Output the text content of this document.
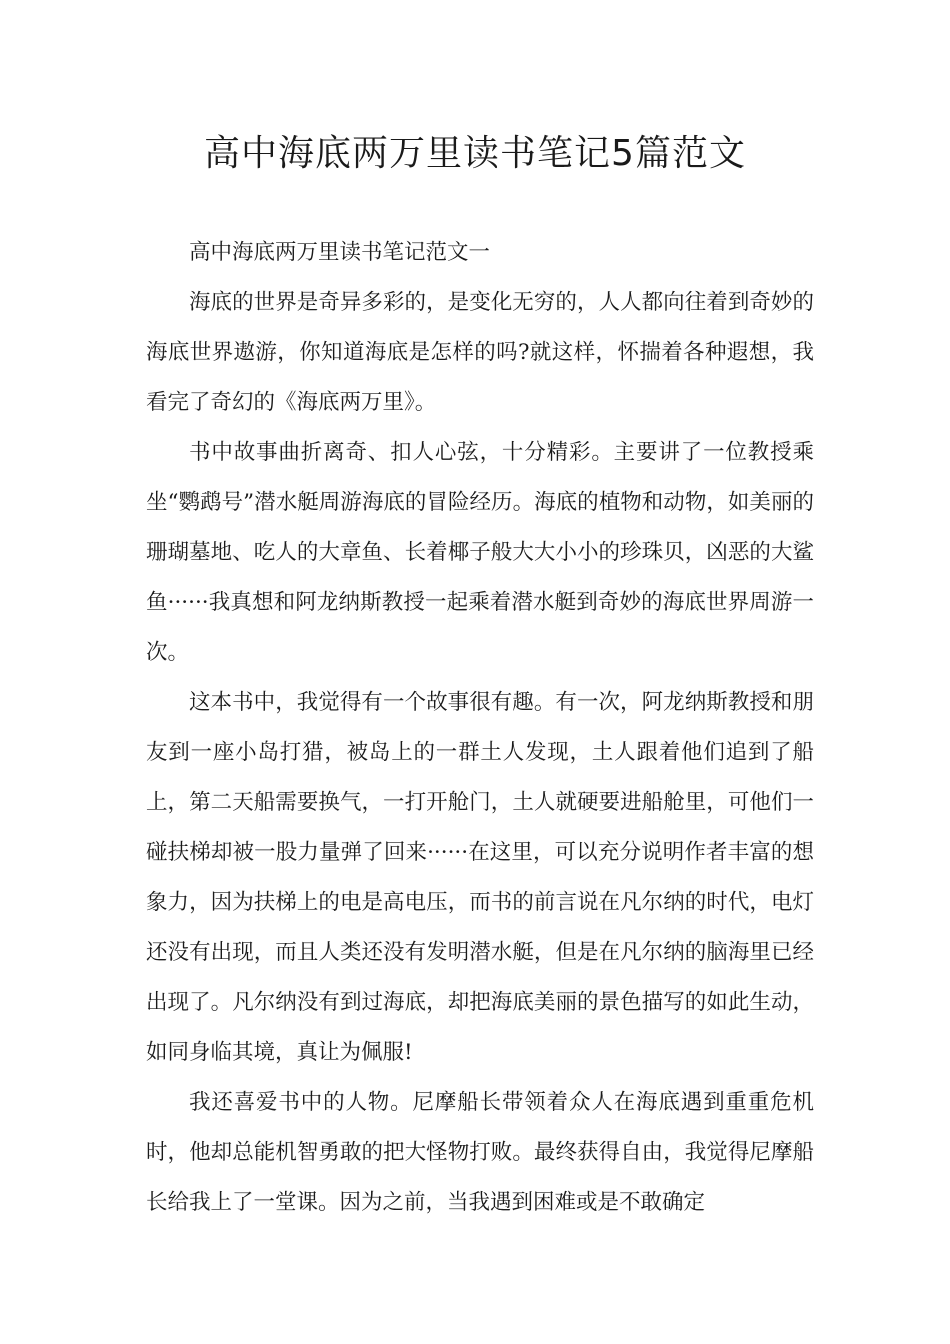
高中海底两万里读书笔记5篇范文

高中海底两万里读书笔记范文一

海底的世界是奇异多彩的，是变化无穷的，人人都向往着到奇妙的海底世界遨游，你知道海底是怎样的吗?就这样，怀揣着各种遐想，我看完了奇幻的《海底两万里》。

书中故事曲折离奇、扣人心弦，十分精彩。主要讲了一位教授乘坐“鹦鹉号”潜水艇周游海底的冒险经历。海底的植物和动物，如美丽的珊瑚墓地、吃人的大章鱼、长着椰子般大大小小的珍珠贝，凶恶的大鲨鱼······我真想和阿龙纳斯教授一起乘着潜水艇到奇妙的海底世界周游一次。

这本书中，我觉得有一个故事很有趣。有一次，阿龙纳斯教授和朋友到一座小岛打猎，被岛上的一群土人发现，土人跟着他们追到了船上，第二天船需要换气，一打开舱门，土人就硬要进船舱里，可他们一碰扶梯却被一股力量弹了回来······在这里，可以充分说明作者丰富的想象力，因为扶梯上的电是高电压，而书的前言说在凡尔纳的时代，电灯还没有出现，而且人类还没有发明潜水艇，但是在凡尔纳的脑海里已经出现了。凡尔纳没有到过海底，却把海底美丽的景色描写的如此生动，如同身临其境，真让为佩服!

我还喜爱书中的人物。尼摩船长带领着众人在海底遇到重重危机时，他却总能机智勇敢的把大怪物打败。最终获得自由，我觉得尼摩船长给我上了一堂课。因为之前，当我遇到困难或是不敢确定
